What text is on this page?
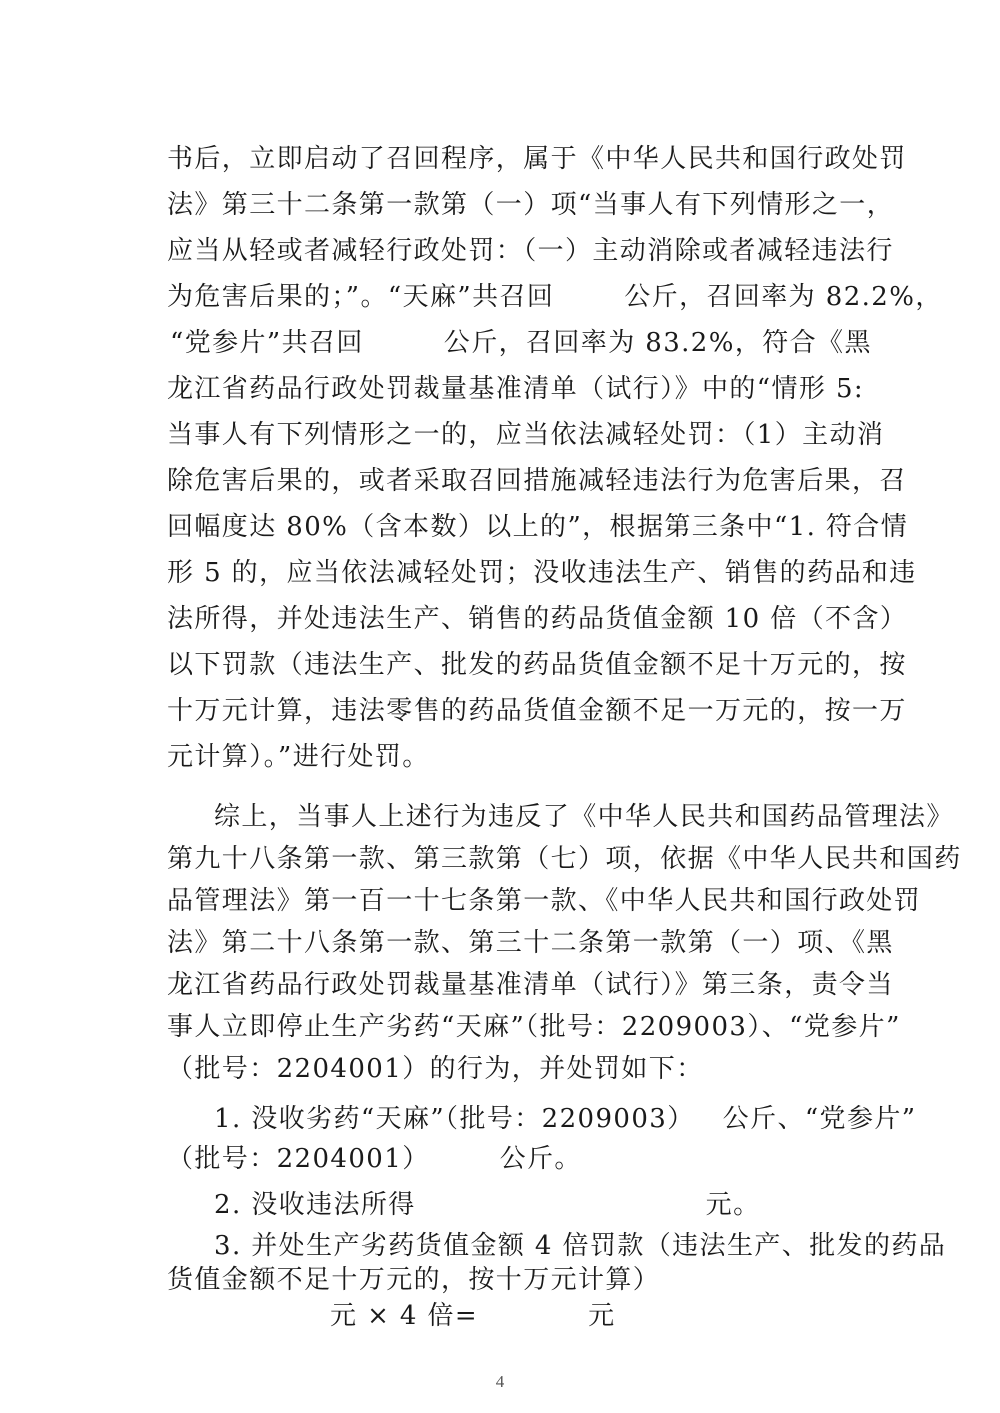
书后，立即启动了召回程序，属于《中华人民共和国行政处罚
法》第三十二条第一款第（一）项“当事人有下列情形之一，
应当从轻或者减轻行政处罚：（一）主动消除或者减轻违法行
为危害后果的；”。“天麻”共召回	公斤，召回率为 82.2%，
“党参片”共召回	公斤，召回率为 83.2%，符合《黑
龙江省药品行政处罚裁量基准清单（试行）》中的“情形 5:
当事人有下列情形之一的，应当依法减轻处罚：（1）主动消
除危害后果的，或者采取召回措施减轻违法行为危害后果，召
回幅度达 80%（含本数）以上的”，根据第三条中“1. 符合情
形 5 的，应当依法减轻处罚；没收违法生产、销售的药品和违
法所得，并处违法生产、销售的药品货值金额 10 倍（不含）
以下罚款（违法生产、批发的药品货值金额不足十万元的，按
十万元计算，违法零售的药品货值金额不足一万元的，按一万
元计算）。”进行处罚。
综上，当事人上述行为违反了《中华人民共和国药品管理法》
第九十八条第一款、第三款第（七）项，依据《中华人民共和国药
品管理法》第一百一十七条第一款、《中华人民共和国行政处罚
法》第二十八条第一款、第三十二条第一款第（一）项、《黑
龙江省药品行政处罚裁量基准清单（试行）》第三条，责令当
事人立即停止生产劣药“天麻”（批号：2209003）、“党参片”
（批号：2204001）的行为，并处罚如下：
1. 没收劣药“天麻”（批号：2209003） 公斤、“党参片”
（批号：2204001）	公斤。
2. 没收违法所得	元。
3. 并处生产劣药货值金额 4 倍罚款（违法生产、批发的药品
货值金额不足十万元的，按十万元计算）
元 × 4 倍=	元
4
